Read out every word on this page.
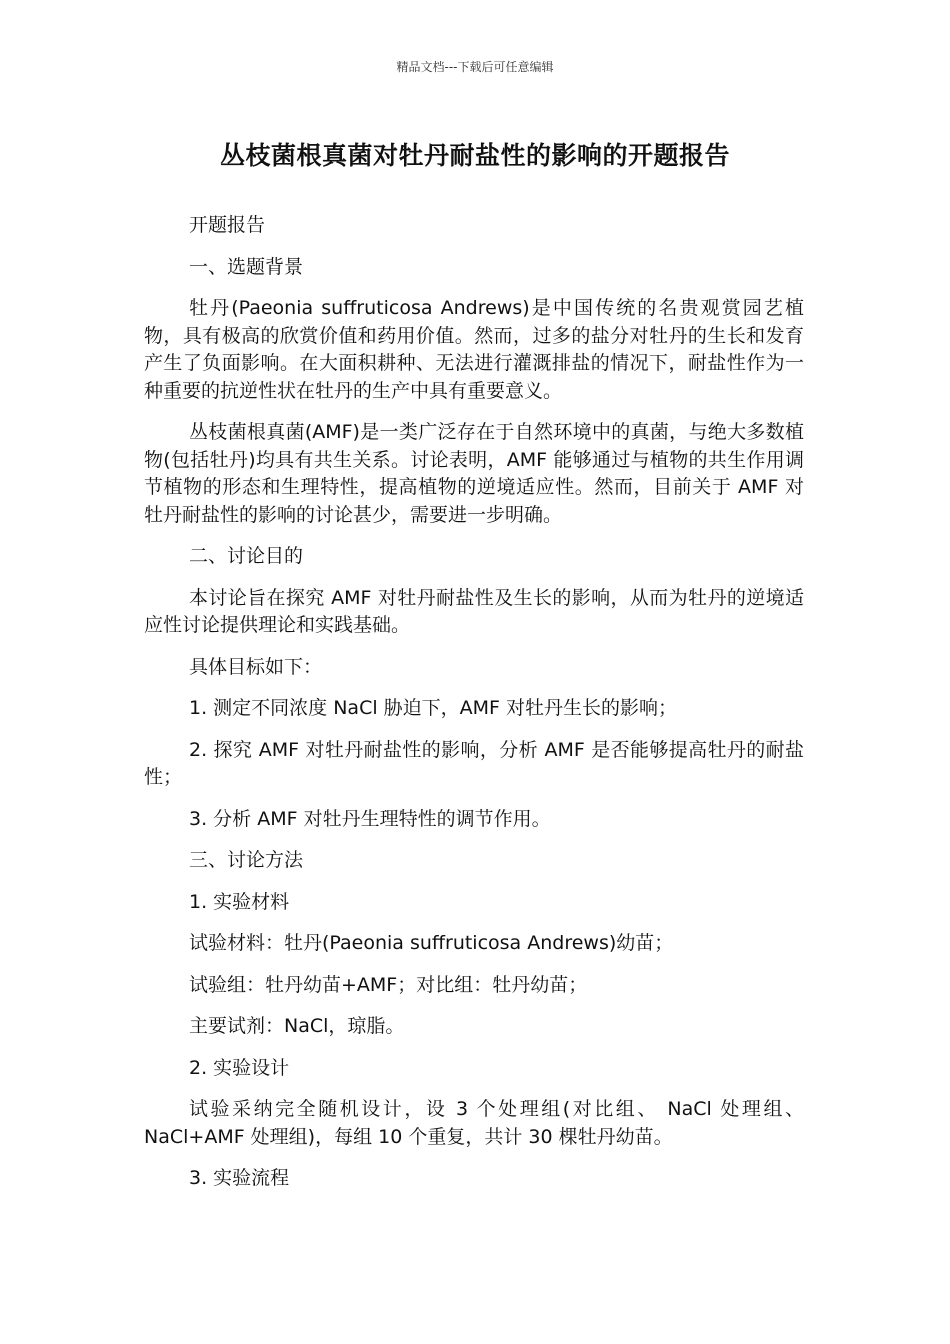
精品文档---下载后可任意编辑
丛枝菌根真菌对牡丹耐盐性的影响的开题报告

开题报告

一、选题背景

牡丹(Paeonia suffruticosa Andrews)是中国传统的名贵观赏园艺植物，具有极高的欣赏价值和药用价值。然而，过多的盐分对牡丹的生长和发育产生了负面影响。在大面积耕种、无法进行灌溉排盐的情况下，耐盐性作为一种重要的抗逆性状在牡丹的生产中具有重要意义。

丛枝菌根真菌(AMF)是一类广泛存在于自然环境中的真菌，与绝大多数植物(包括牡丹)均具有共生关系。讨论表明，AMF 能够通过与植物的共生作用调节植物的形态和生理特性，提高植物的逆境适应性。然而，目前关于 AMF 对牡丹耐盐性的影响的讨论甚少，需要进一步明确。

二、讨论目的

本讨论旨在探究 AMF 对牡丹耐盐性及生长的影响，从而为牡丹的逆境适应性讨论提供理论和实践基础。

具体目标如下：

1. 测定不同浓度 NaCl 胁迫下，AMF 对牡丹生长的影响；

2. 探究 AMF 对牡丹耐盐性的影响，分析 AMF 是否能够提高牡丹的耐盐性；

3. 分析 AMF 对牡丹生理特性的调节作用。

三、讨论方法

1. 实验材料

试验材料：牡丹(Paeonia suffruticosa Andrews)幼苗；

试验组：牡丹幼苗+AMF；对比组：牡丹幼苗；

主要试剂：NaCl，琼脂。

2. 实验设计

试验采纳完全随机设计，设 3 个处理组(对比组、 NaCl 处理组、NaCl+AMF 处理组)，每组 10 个重复，共计 30 棵牡丹幼苗。

3. 实验流程
